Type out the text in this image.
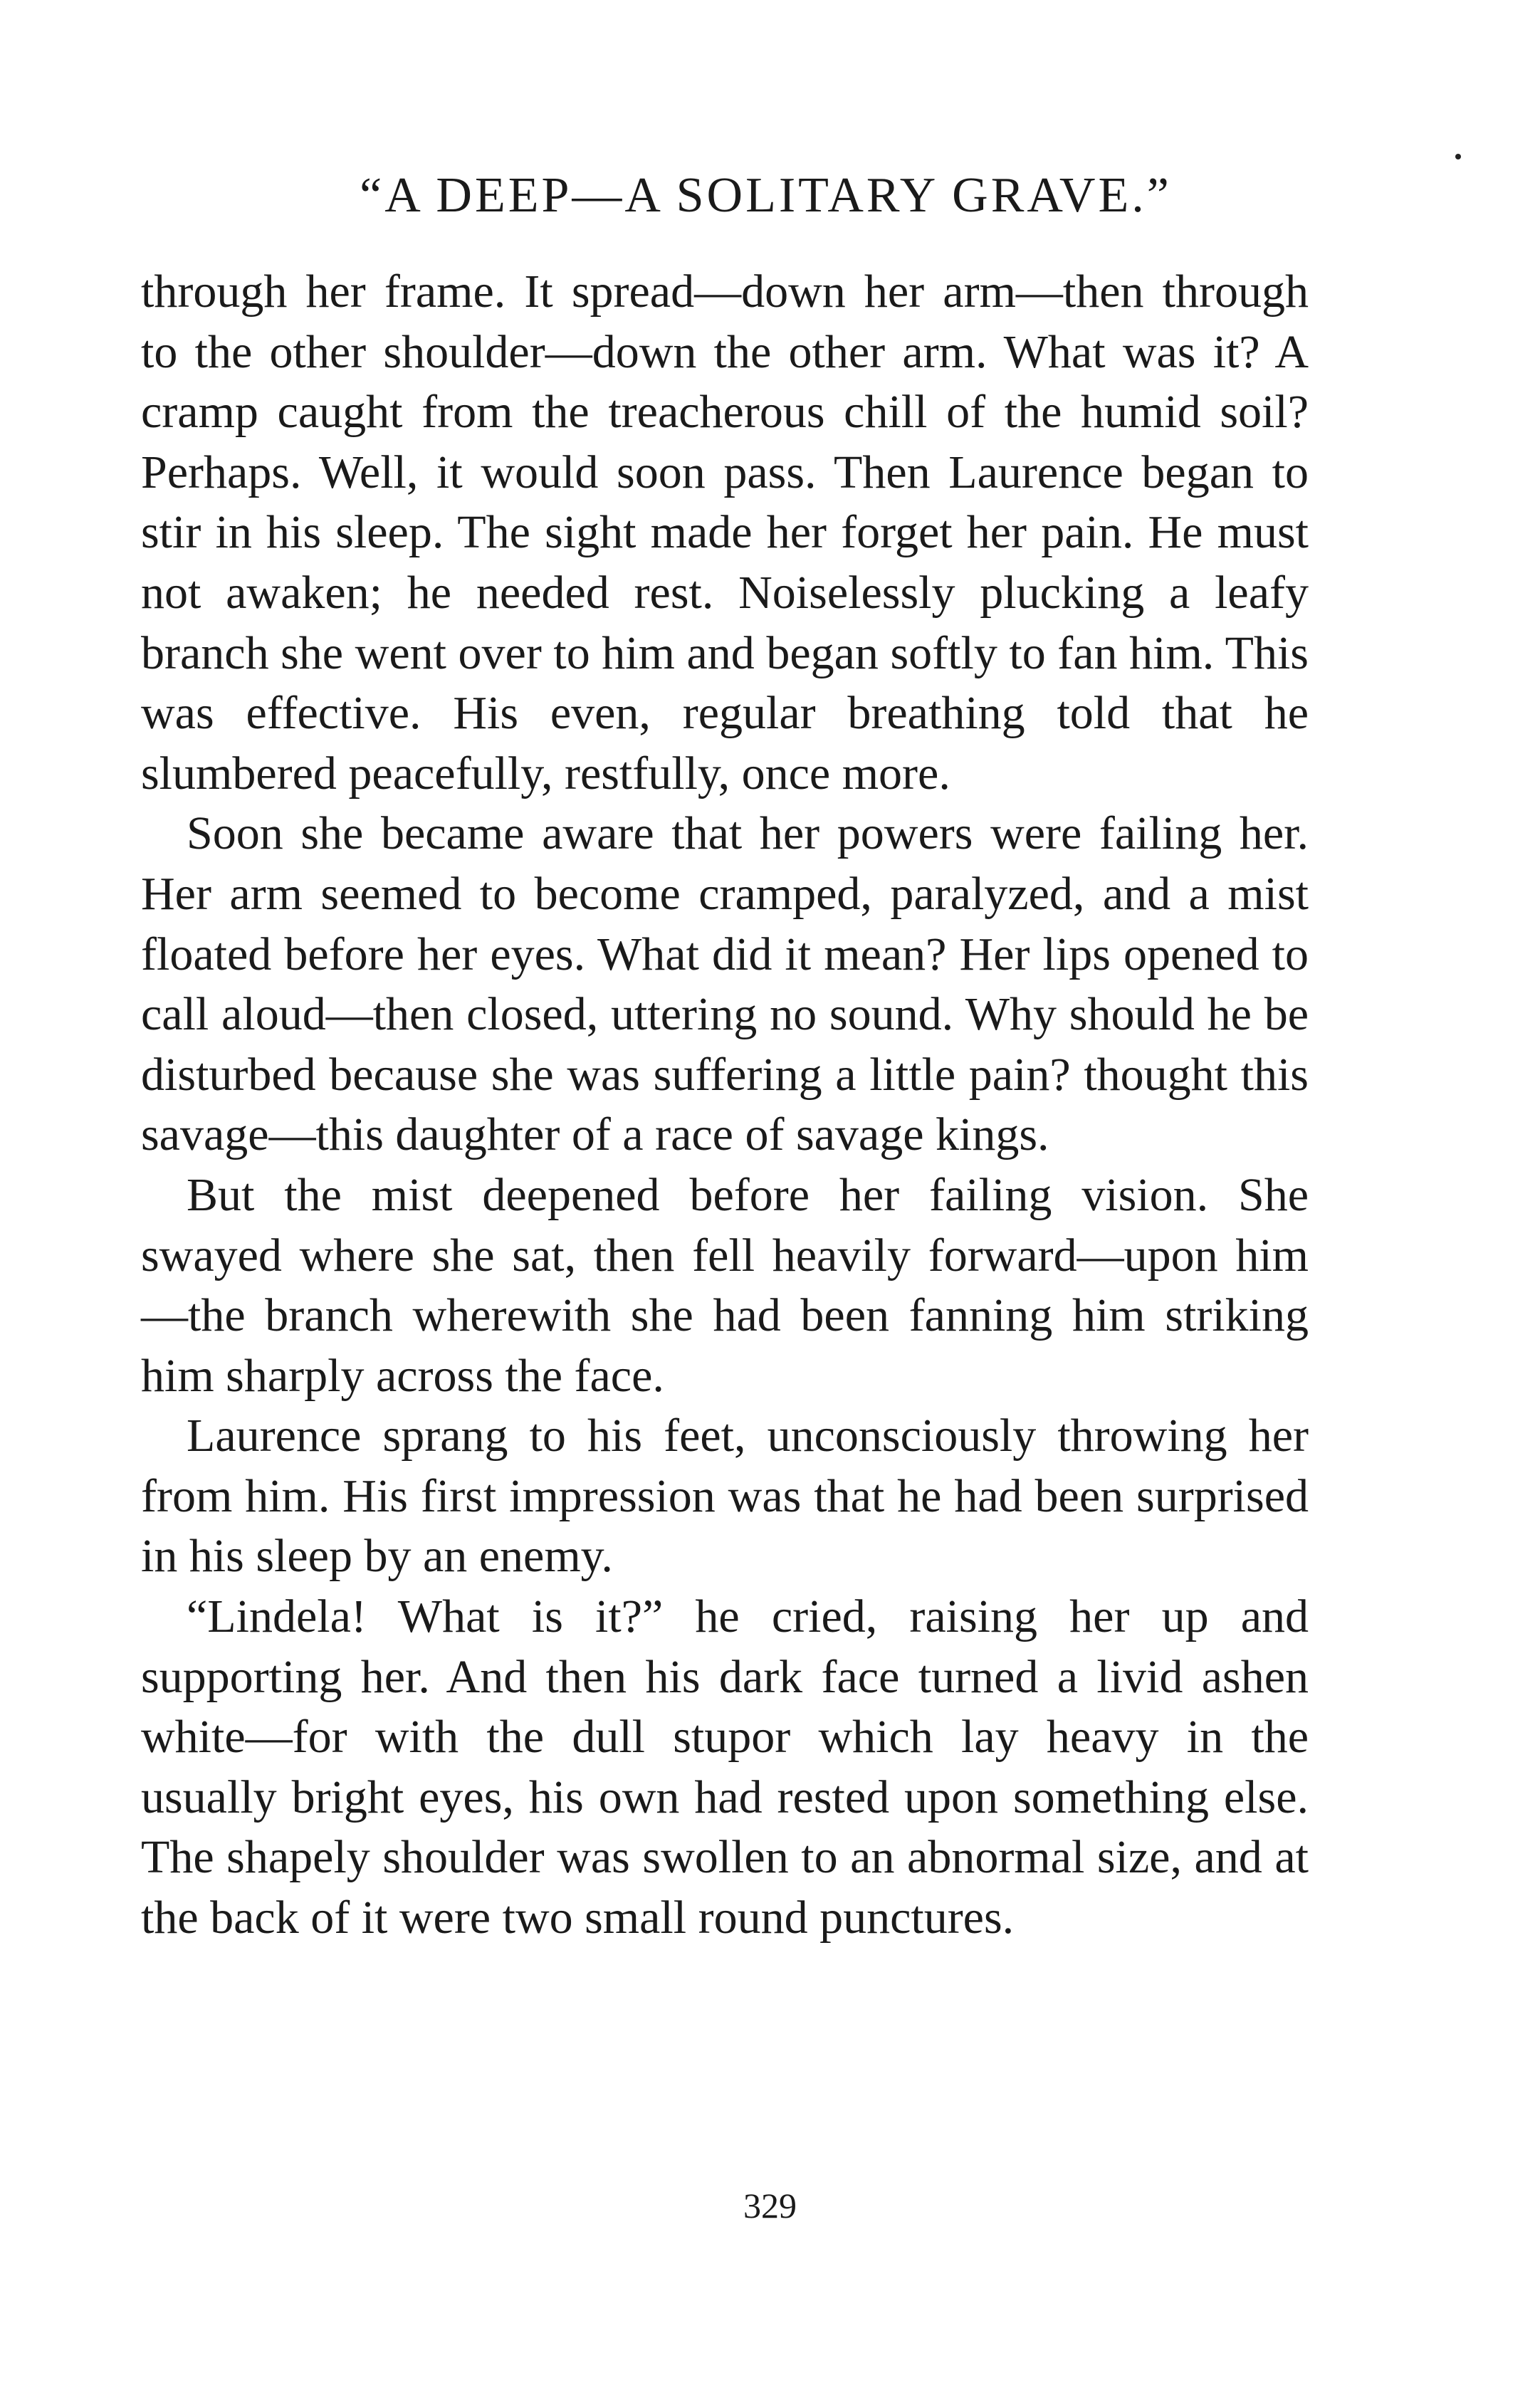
“A DEEP—A SOLITARY GRAVE.”

through her frame. It spread—down her arm—then through to the other shoulder—down the other arm. What was it? A cramp caught from the treacherous chill of the humid soil? Perhaps. Well, it would soon pass. Then Laurence began to stir in his sleep. The sight made her forget her pain. He must not awaken; he needed rest. Noiselessly plucking a leafy branch she went over to him and began softly to fan him. This was effective. His even, regular breathing told that he slumbered peacefully, restfully, once more.

Soon she became aware that her powers were failing her. Her arm seemed to become cramped, paralyzed, and a mist floated before her eyes. What did it mean? Her lips opened to call aloud—then closed, uttering no sound. Why should he be disturbed because she was suffering a little pain? thought this savage—this daughter of a race of savage kings.

But the mist deepened before her failing vision. She swayed where she sat, then fell heavily forward—upon him—the branch wherewith she had been fanning him striking him sharply across the face.

Laurence sprang to his feet, unconsciously throwing her from him. His first impression was that he had been surprised in his sleep by an enemy.

“Lindela! What is it?” he cried, raising her up and supporting her. And then his dark face turned a livid ashen white—for with the dull stupor which lay heavy in the usually bright eyes, his own had rested upon something else. The shapely shoulder was swollen to an abnormal size, and at the back of it were two small round punctures.

329
